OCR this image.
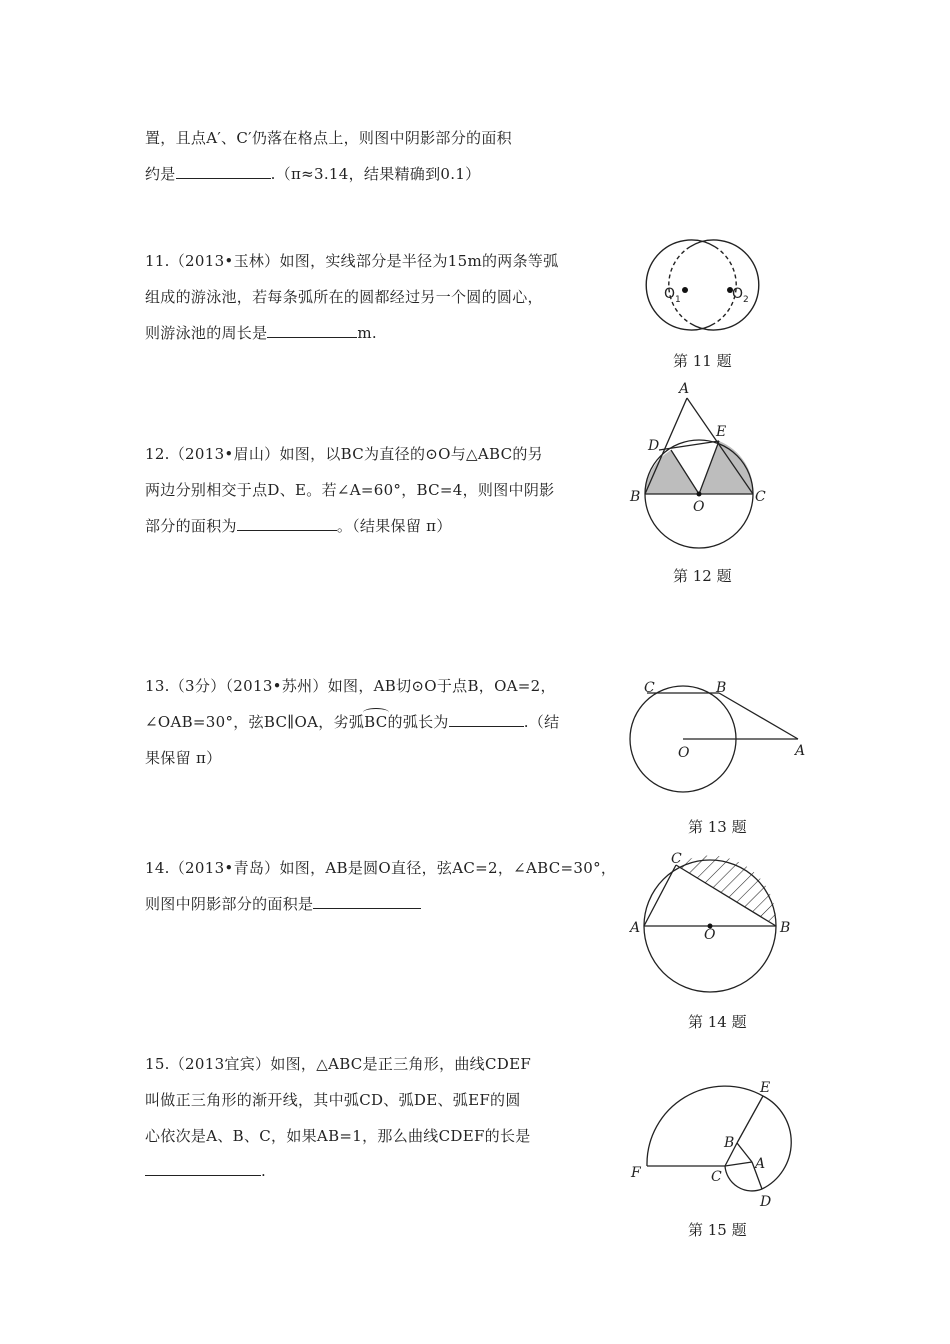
置，且点A′、C′仍落在格点上，则图中阴影部分的面积
约是	.（π≈3.14，结果精确到0.1）
11.（2013•玉林）如图，实线部分是半径为15m的两条等弧
组成的游泳池，若每条弧所在的圆都经过另一个圆的圆心，
则游泳池的周长是	m.
$O_1$	$O_2$
第 11 题
12.（2013•眉山）如图，以BC为直径的⊙O与△ABC的另
两边分别相交于点D、E。若∠A=60°，BC=4，则图中阴影
部分的面积为	。（结果保留 π）
A
D
E
B	C
O
第 12 题
13.（3分）（2013•苏州）如图，AB切⊙O于点B，OA=2，
∠OAB=30°，弦BC∥OA，劣弧BC的弧长为	.（结
果保留 π）
C	B
O	A
第 13 题
14.（2013•青岛）如图，AB是圆O直径，弦AC=2，∠ABC=30°，
则图中阴影部分的面积是
C
A	B
O
第 14 题
15.（2013宜宾）如图，△ABC是正三角形，曲线CDEF
叫做正三角形的渐开线，其中弧CD、弧DE、弧EF的圆
心依次是A、B、C，如果AB=1，那么曲线CDEF的长是
.
E
B
A
C
F
D
第 15 题
